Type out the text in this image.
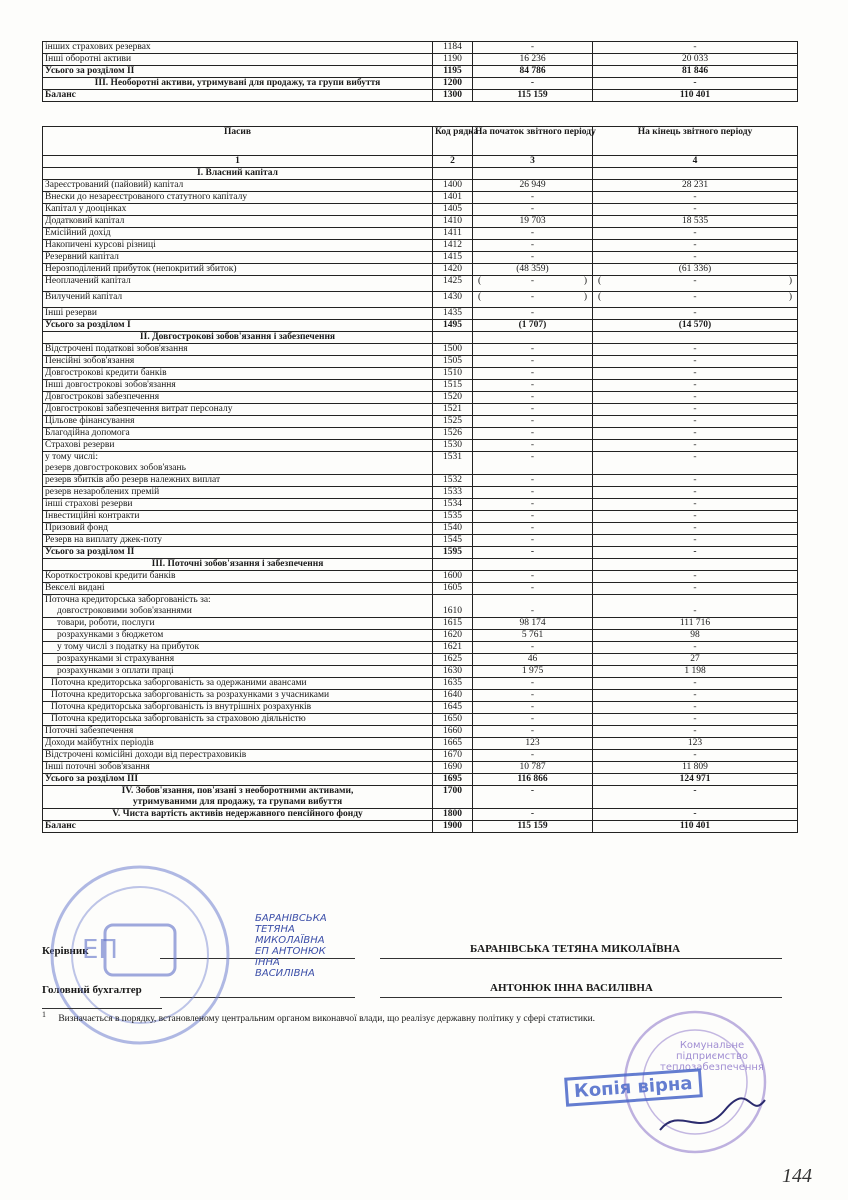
інших страхових резервах	1184	-	-
Інші оборотні активи	1190	16 236	20 033
Усього за розділом II	1195	84 786	81 846
III. Необоротні активи, утримувані для продажу, та групи вибуття	1200	-	-
Баланс	1300	115 159	110 401
Пасив	Код рядка	На початок звітного періоду	На кінець звітного періоду
1	2	3	4
I. Власний капітал			
Зареєстрований (пайовий) капітал	1400	26 949	28 231
Внески до незареєстрованого статутного капіталу	1401	-	-
Капітал у дооцінках	1405	-	-
Додатковий капітал	1410	19 703	18 535
Емісійний дохід	1411	-	-
Накопичені курсові різниці	1412	-	-
Резервний капітал	1415	-	-
Нерозподілений прибуток (непокритий збиток)	1420	(48 359)	(61 336)
Неоплачений капітал	1425	( - )	( - )

Вилучений капітал	1430	( - )	( - )

Інші резерви	1435	-	-
Усього за розділом I	1495	(1 707)	(14 570)
II. Довгострокові зобов'язання і забезпечення			
Відстрочені податкові зобов'язання	1500	-	-
Пенсійні зобов'язання	1505	-	-
Довгострокові кредити банків	1510	-	-
Інші довгострокові зобов'язання	1515	-	-
Довгострокові забезпечення	1520	-	-
Довгострокові забезпечення витрат персоналу	1521	-	-
Цільове фінансування	1525	-	-
Благодійна допомога	1526	-	-
Страхові резерви	1530	-	-

у тому числі:
резерв довгострокових зобов'язань	1531	-	-
резерв збитків або резерв належних виплат	1532	-	-
резерв незароблених премій	1533	-	-
інші страхові резерви	1534	-	-
Інвестиційні контракти	1535	-	-
Призовий фонд	1540	-	-
Резерв на виплату джек-поту	1545	-	-
Усього за розділом II	1595	-	-
III. Поточні зобов'язання і забезпечення			
Короткострокові кредити банків	1600	-	-
Векселі видані	1605	-	-

Поточна кредиторська заборгованість за:
довгостроковими зобов'язаннями	1610	-	-
товари, роботи, послуги	1615	98 174	111 716
розрахунками з бюджетом	1620	5 761	98
у тому числі з податку на прибуток	1621	-	-
розрахунками зі страхування	1625	46	27
розрахунками з оплати праці	1630	1 975	1 198
Поточна кредиторська заборгованість за одержаними авансами	1635	-	-
Поточна кредиторська заборгованість за розрахунками з учасниками	1640	-	-
Поточна кредиторська заборгованість із внутрішніх розрахунків	1645	-	-
Поточна кредиторська заборгованість за страховою діяльністю	1650	-	-
Поточні забезпечення	1660	-	-
Доходи майбутніх періодів	1665	123	123
Відстрочені комісійні доходи від перестраховиків	1670	-	-
Інші поточні зобов'язання	1690	10 787	11 809
Усього за розділом III	1695	116 866	124 971

IV. Зобов'язання, пов'язані з необоротними активами,
утримуваними для продажу, та групами вибуття	1700	-	-
V. Чиста вартість активів недержавного пенсійного фонду	1800	-	-
Баланс	1900	115 159	110 401
Керівник	БАРАНІВСЬКА ТЕТЯНА МИКОЛАЇВНА
Головний бухгалтер	АНТОНЮК ІННА ВАСИЛІВНА
БАРАНІВСЬКА
ТЕТЯНА
МИКОЛАЇВНА
ЕП АНТОНЮК
ІННА
ВАСИЛІВНА
ЕП
$^1$ Визначається в порядку, встановленому центральним органом виконавчої влади, що реалізує державну політику у сфері статистики.
Комунальне
підприємство
теплозабезпечення
Копія вірна
144
